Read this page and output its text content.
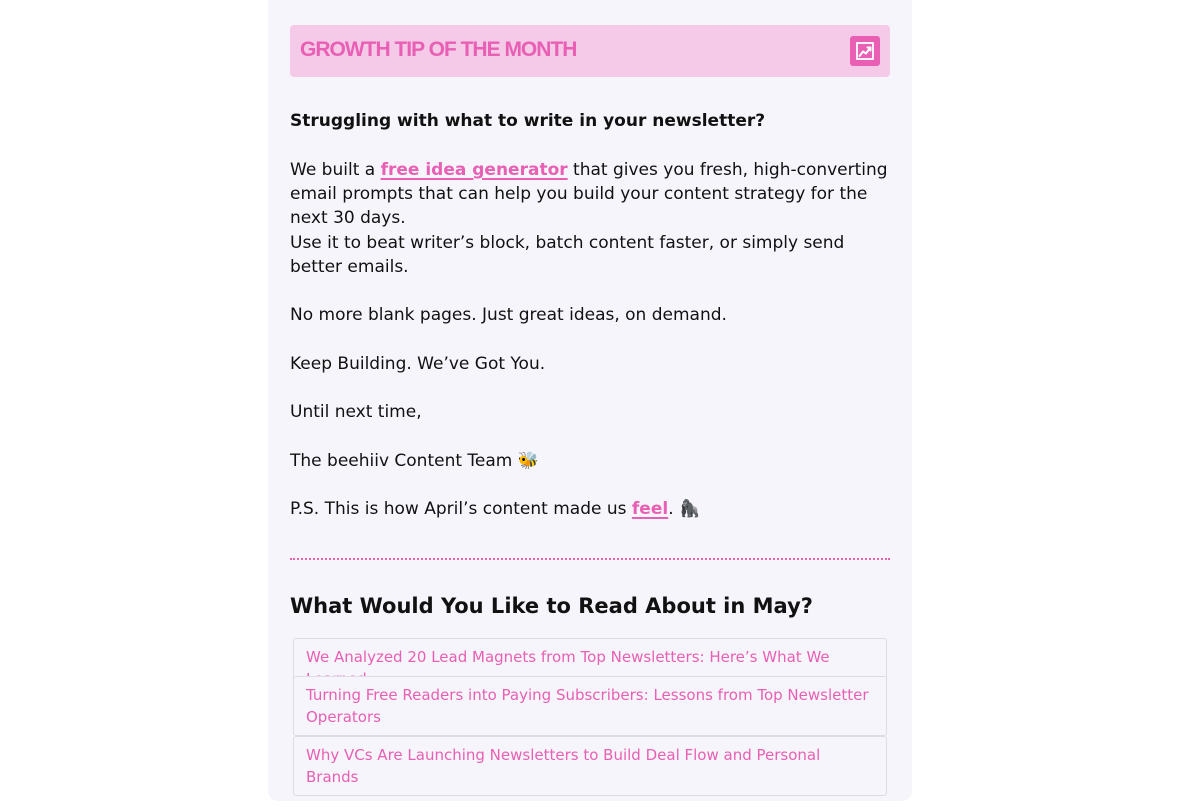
GROWTH TIP OF THE MONTH

Struggling with what to write in your newsletter?

We built a free idea generator that gives you fresh, high-converting email prompts that can help you build your content strategy for the next 30 days.

Use it to beat writer’s block, batch content faster, or simply send better emails.

No more blank pages. Just great ideas, on demand.

Keep Building. We’ve Got You.

Until next time,

The beehiiv Content Team 🐝

P.S. This is how April’s content made us feel. 🦍

What Would You Like to Read About in May?
We Analyzed 20 Lead Magnets from Top Newsletters: Here’s What We
Turning Free Readers into Paying Subscribers: Lessons from Top Newsletter Operators
Why VCs Are Launching Newsletters to Build Deal Flow and Personal Brands
